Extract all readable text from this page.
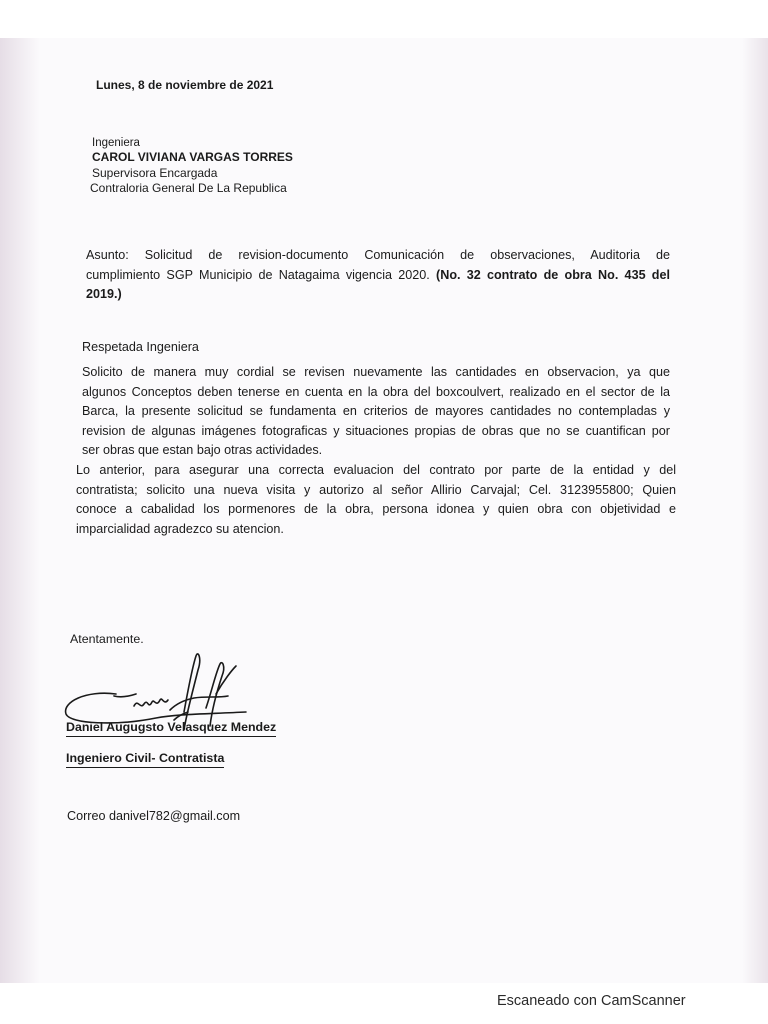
Lunes, 8 de noviembre de 2021
Ingeniera
CAROL VIVIANA VARGAS TORRES
Supervisora Encargada
Contraloria General De La Republica
Asunto: Solicitud de revision-documento Comunicación de observaciones, Auditoria de
cumplimiento SGP Municipio de Natagaima vigencia 2020. (No. 32 contrato de obra No. 435 del
2019.)
Respetada Ingeniera
Solicito de manera muy cordial se revisen nuevamente las cantidades en observacion, ya que
algunos Conceptos deben tenerse en cuenta en la obra del boxcoulvert, realizado en el sector de la
Barca, la presente solicitud se fundamenta en criterios de mayores cantidades no contempladas y
revision de algunas imágenes fotograficas y situaciones propias de obras que no se cuantifican por
ser obras que estan bajo otras actividades.
Lo anterior, para asegurar una correcta evaluacion del contrato por parte de la entidad y del
contratista; solicito una nueva visita y autorizo al señor Allirio Carvajal; Cel. 3123955800; Quien
conoce a cabalidad los pormenores de la obra, persona idonea y quien obra con objetividad e
imparcialidad agradezco su atencion.
Atentamente.
Daniel Augugsto Velasquez Mendez
Ingeniero Civil- Contratista
Correo danivel782@gmail.com
Escaneado con CamScanner
